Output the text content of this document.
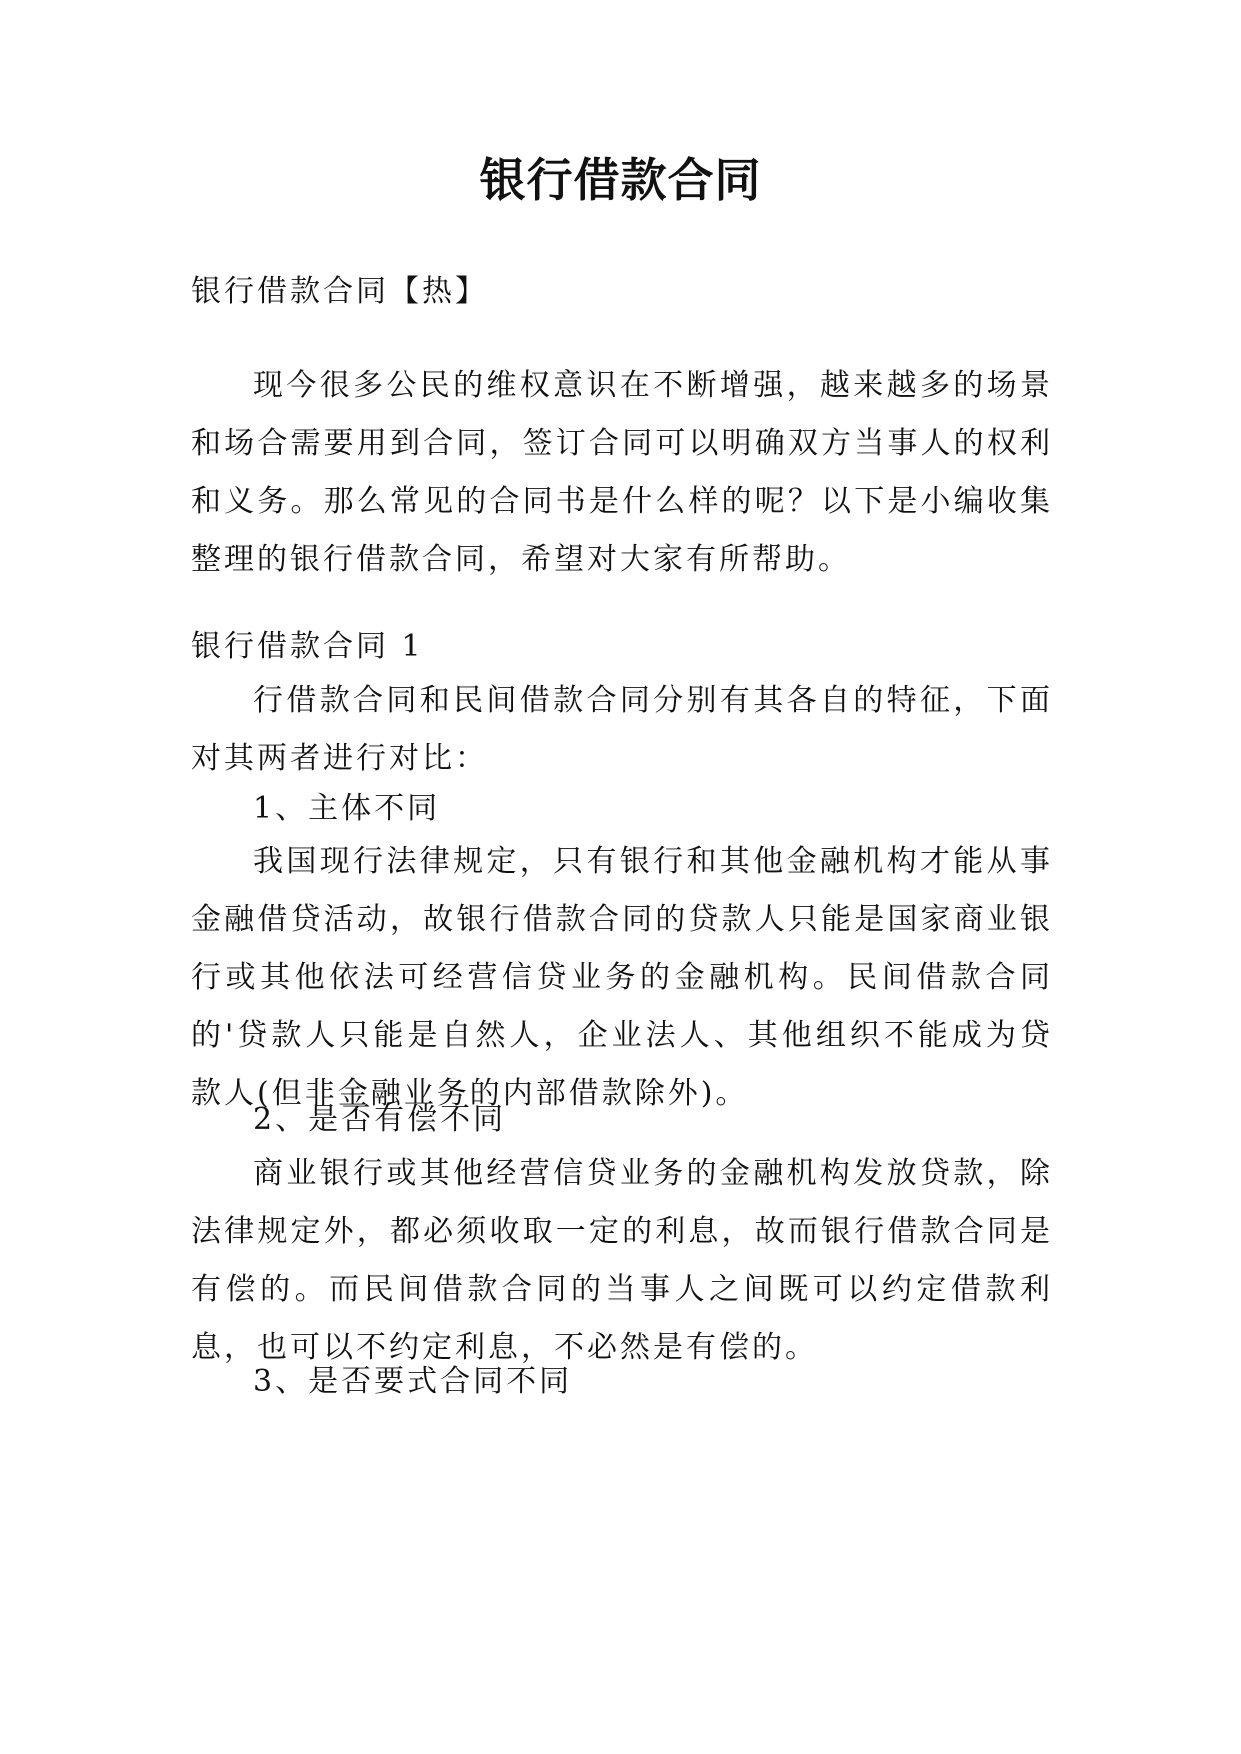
银行借款合同

银行借款合同【热】

现今很多公民的维权意识在不断增强，越来越多的场景和场合需要用到合同，签订合同可以明确双方当事人的权利和义务。那么常见的合同书是什么样的呢？以下是小编收集整理的银行借款合同，希望对大家有所帮助。

银行借款合同 1

行借款合同和民间借款合同分别有其各自的特征，下面对其两者进行对比：

1、主体不同

我国现行法律规定，只有银行和其他金融机构才能从事金融借贷活动，故银行借款合同的贷款人只能是国家商业银行或其他依法可经营信贷业务的金融机构。民间借款合同的'贷款人只能是自然人，企业法人、其他组织不能成为贷款人(但非金融业务的内部借款除外)。

2、是否有偿不同

商业银行或其他经营信贷业务的金融机构发放贷款，除法律规定外，都必须收取一定的利息，故而银行借款合同是有偿的。而民间借款合同的当事人之间既可以约定借款利息，也可以不约定利息，不必然是有偿的。

3、是否要式合同不同
